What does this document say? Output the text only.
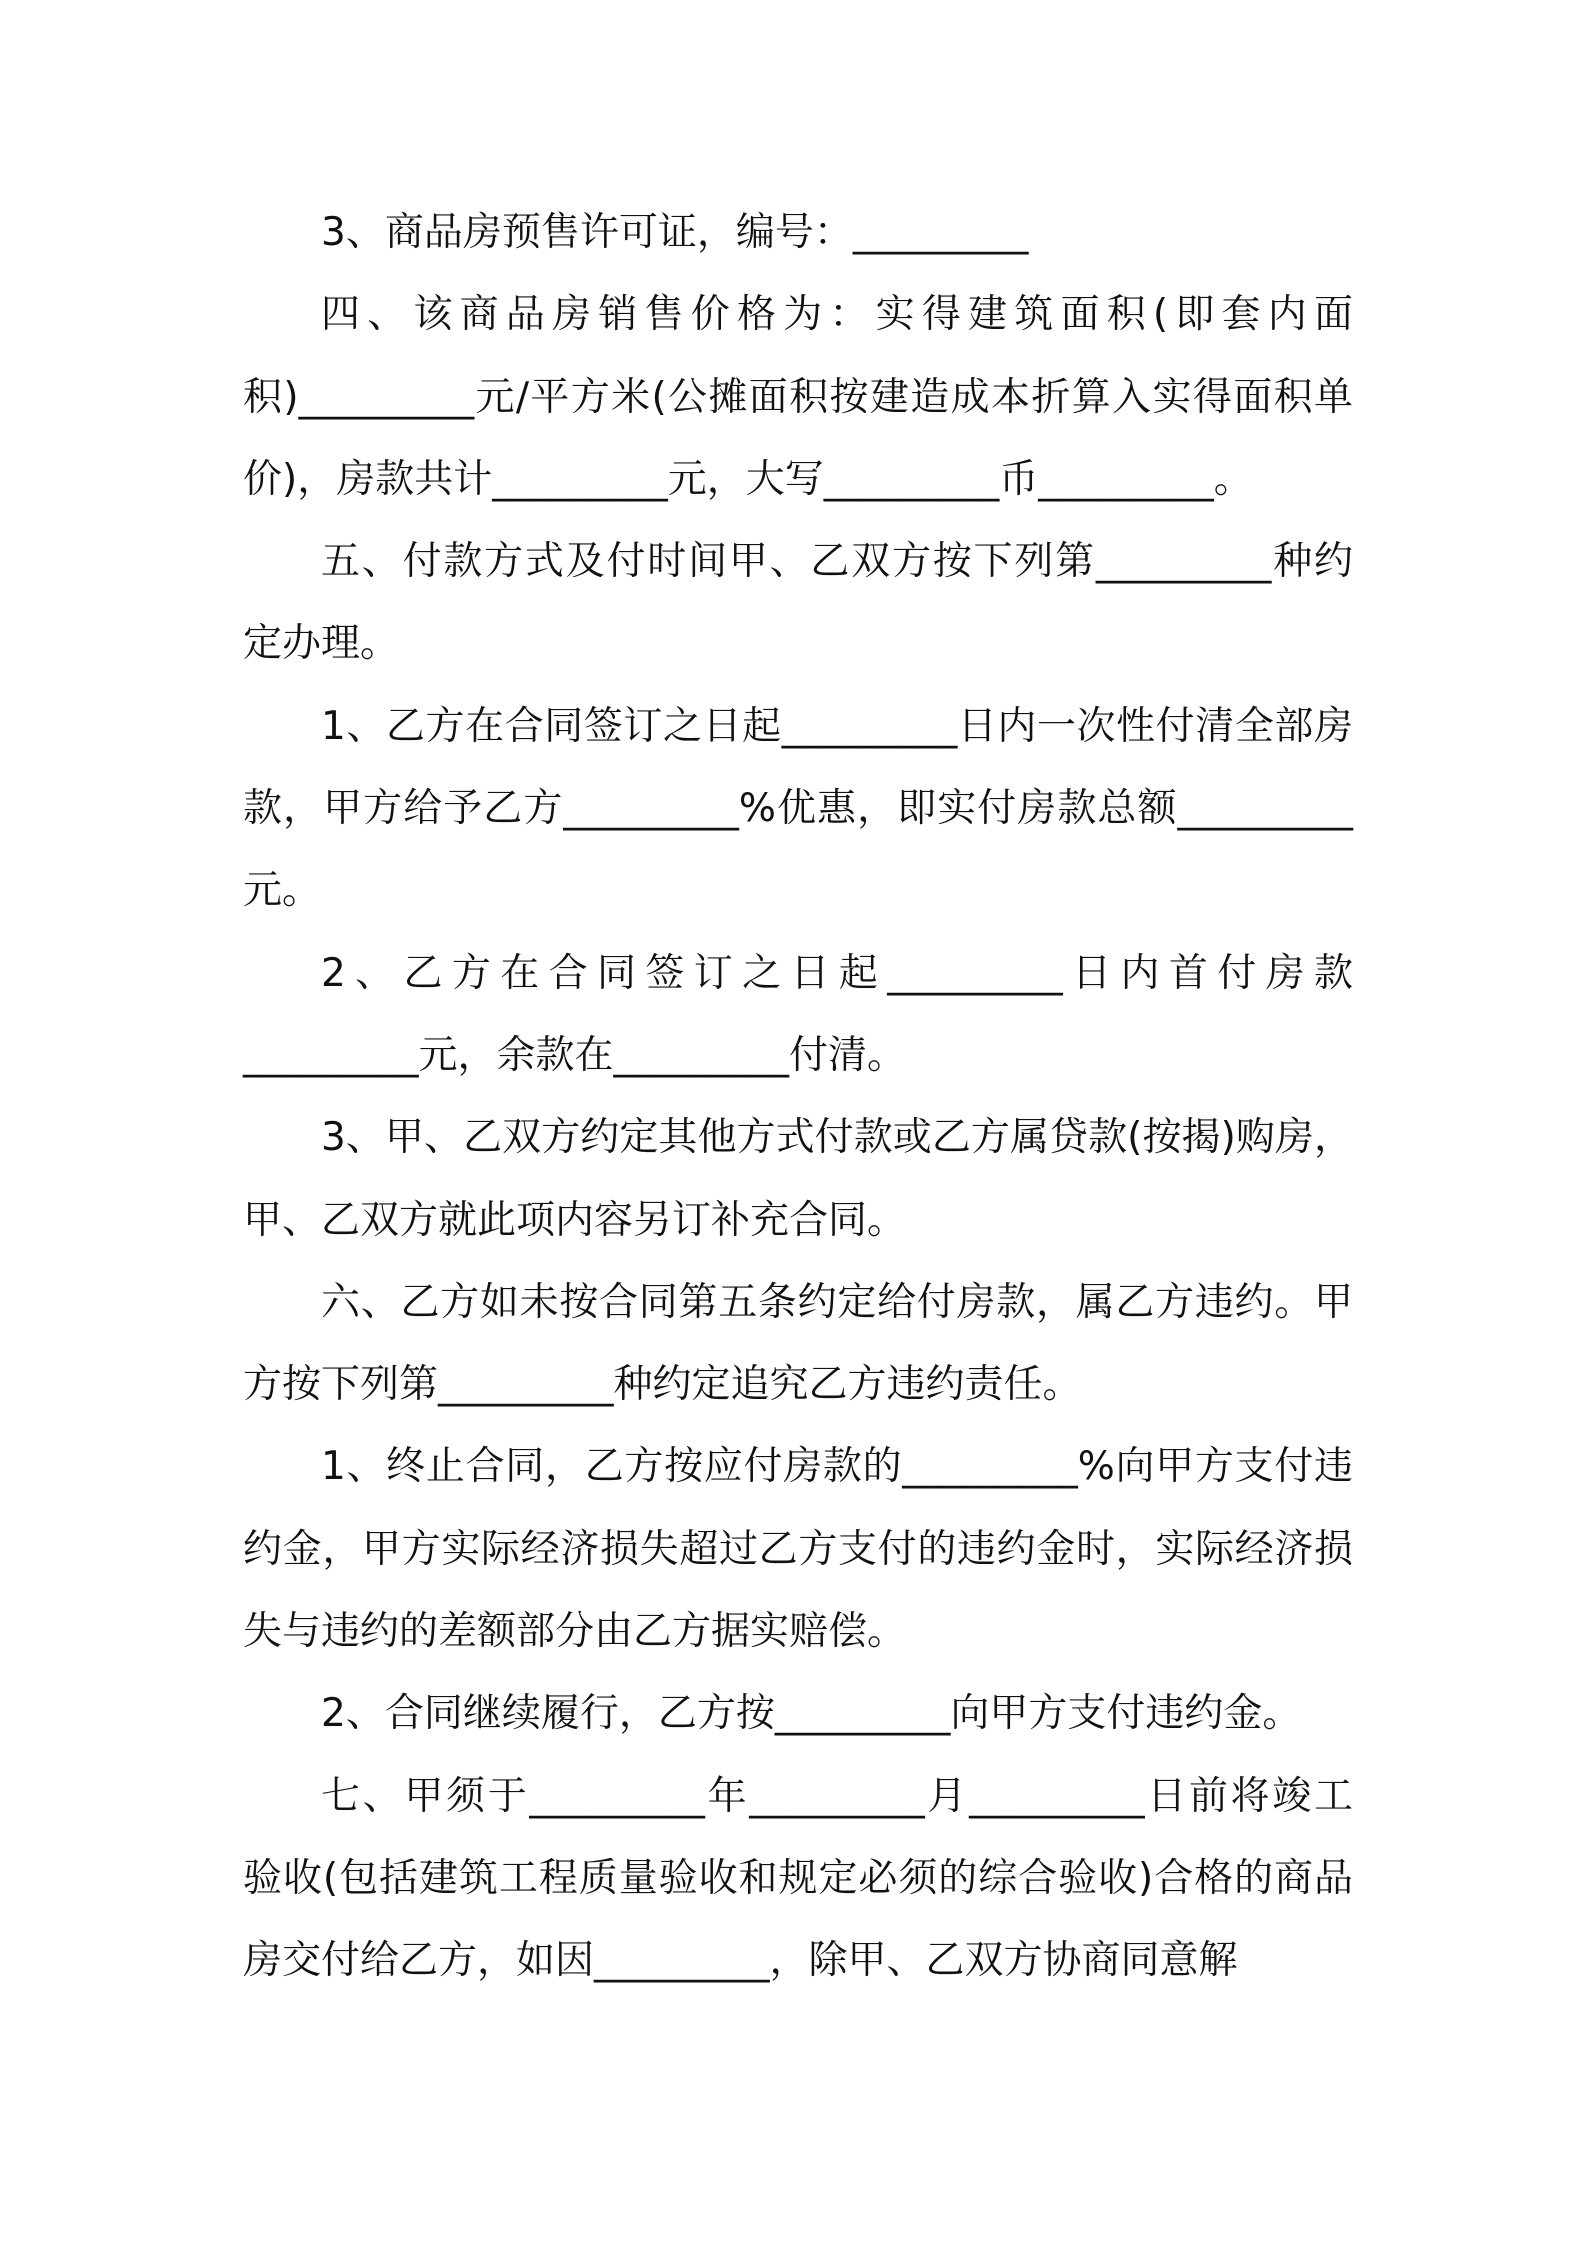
3、商品房预售许可证，编号：_________

四、该商品房销售价格为：实得建筑面积(即套内面积)_________元/平方米(公摊面积按建造成本折算入实得面积单价)，房款共计_________元，大写_________币_________。

五、付款方式及付时间甲、乙双方按下列第_________种约定办理。

1、乙方在合同签订之日起_________日内一次性付清全部房款，甲方给予乙方_________%优惠，即实付房款总额_________元。

2、乙方在合同签订之日起_________日内首付房款_________元，余款在_________付清。

3、甲、乙双方约定其他方式付款或乙方属贷款(按揭)购房，甲、乙双方就此项内容另订补充合同。

六、乙方如未按合同第五条约定给付房款，属乙方违约。甲方按下列第_________种约定追究乙方违约责任。

1、终止合同，乙方按应付房款的_________%向甲方支付违约金，甲方实际经济损失超过乙方支付的违约金时，实际经济损失与违约的差额部分由乙方据实赔偿。

2、合同继续履行，乙方按_________向甲方支付违约金。

七、甲须于_________年_________月_________日前将竣工验收(包括建筑工程质量验收和规定必须的综合验收)合格的商品房交付给乙方，如因_________，除甲、乙双方协商同意解
